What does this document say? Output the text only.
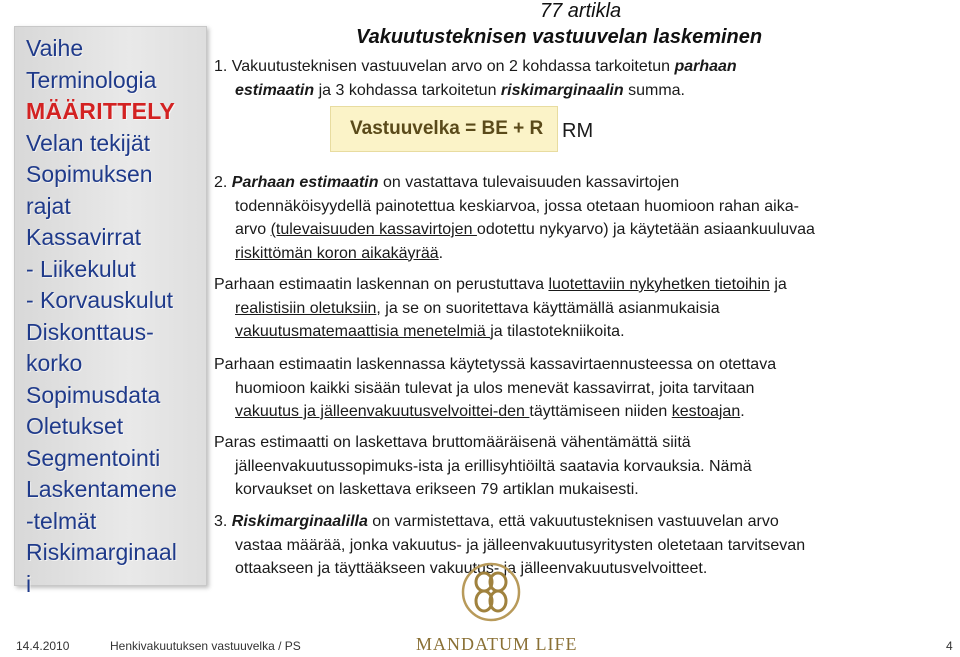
Vaihe
Terminologia
MÄÄRITTELY
Velan tekijät
Sopimuksen
rajat
Kassavirrat
- Liikekulut
- Korvauskulut
Diskonttaus-
korko
Sopimusdata
Oletukset
Segmentointi
Laskentamene
-telmät
Riskimarginaal
i
77 artikla
Vakuutusteknisen vastuuvelan laskeminen
1. Vakuutusteknisen vastuuvelan arvo on 2 kohdassa tarkoitetun parhaan
estimaatin ja 3 kohdassa tarkoitetun riskimarginaalin summa.
Vastuuvelka = BE + R RM
2. Parhaan estimaatin on vastattava tulevaisuuden kassavirtojen
todennäköisyydellä painotettua keskiarvoa, jossa otetaan huomioon rahan aika-
arvo (tulevaisuuden kassavirtojen odotettu nykyarvo) ja käytetään asiaankuuluvaa
riskittömän koron aikakäyrää.
Parhaan estimaatin laskennan on perustuttava luotettaviin nykyhetken tietoihin ja
realistisiin oletuksiin, ja se on suoritettava käyttämällä asianmukaisia
vakuutusmatemaattisia menetelmiä ja tilastotekniikoita.
Parhaan estimaatin laskennassa käytetyssä kassavirtaennusteessa on otettava
huomioon kaikki sisään tulevat ja ulos menevät kassavirrat, joita tarvitaan
vakuutus ja jälleenvakuutusvelvoittei-den täyttämiseen niiden kestoajan.
Paras estimaatti on laskettava bruttomääräisenä vähentämättä siitä
jälleenvakuutussopimuks-ista ja erillisyhtiöiltä saatavia korvauksia. Nämä
korvaukset on laskettava erikseen 79 artiklan mukaisesti.
3. Riskimarginaalilla on varmistettava, että vakuutusteknisen vastuuvelan arvo
vastaa määrää, jonka vakuutus- ja jälleenvakuutusyritysten oletetaan tarvitsevan
ottaakseen ja täyttääkseen vakuutus- ja jälleenvakuutusvelvoitteet.
14.4.2010	Henkivakuutuksen vastuuvelka / PS	MANDATUM LIFE	4
